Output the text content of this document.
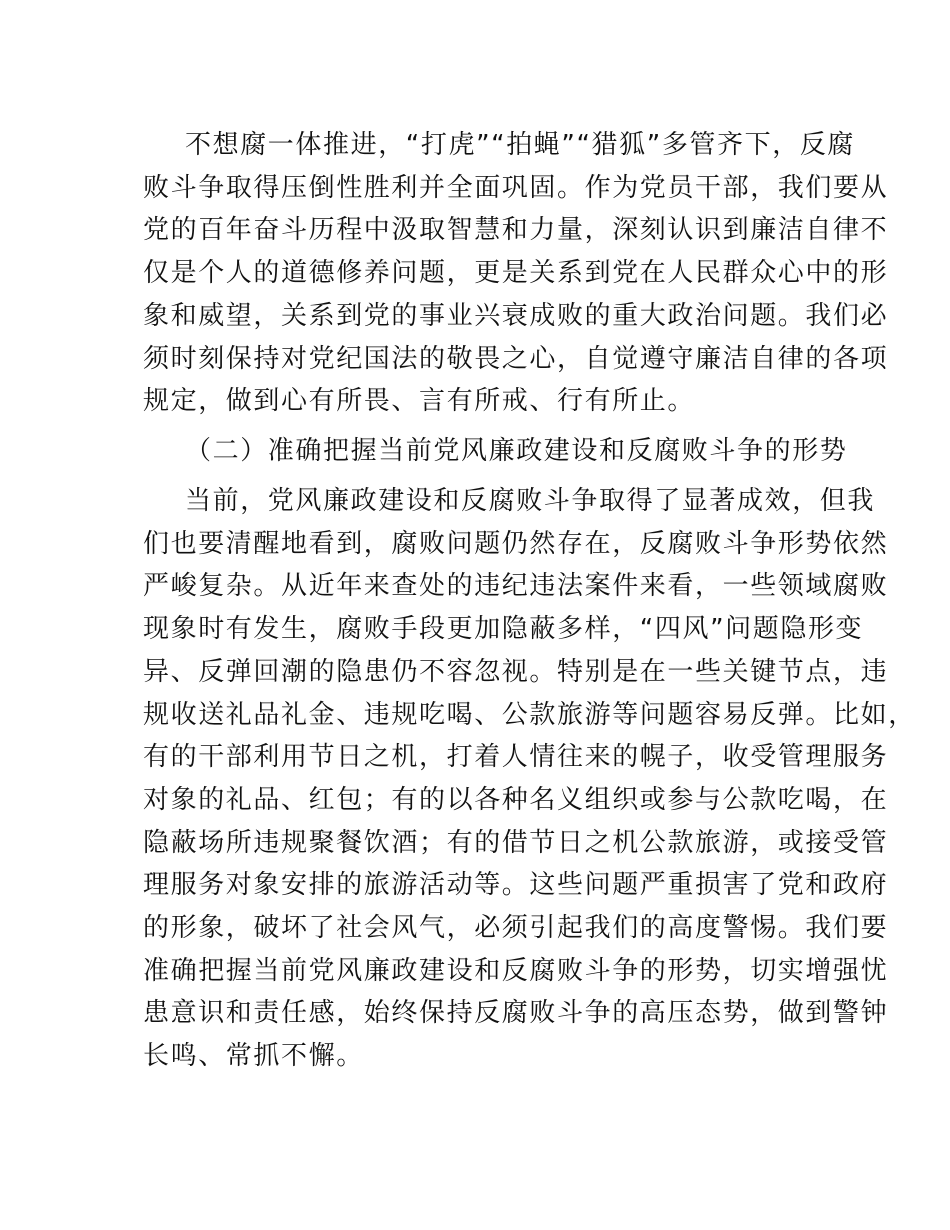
不想腐一体推进，“打虎”“拍蝇”“猎狐”多管齐下，反腐
败斗争取得压倒性胜利并全面巩固。作为党员干部，我们要从
党的百年奋斗历程中汲取智慧和力量，深刻认识到廉洁自律不
仅是个人的道德修养问题，更是关系到党在人民群众心中的形
象和威望，关系到党的事业兴衰成败的重大政治问题。我们必
须时刻保持对党纪国法的敬畏之心，自觉遵守廉洁自律的各项
规定，做到心有所畏、言有所戒、行有所止。
（二）准确把握当前党风廉政建设和反腐败斗争的形势
当前，党风廉政建设和反腐败斗争取得了显著成效，但我
们也要清醒地看到，腐败问题仍然存在，反腐败斗争形势依然
严峻复杂。从近年来查处的违纪违法案件来看，一些领域腐败
现象时有发生，腐败手段更加隐蔽多样，“四风”问题隐形变
异、反弹回潮的隐患仍不容忽视。特别是在一些关键节点，违
规收送礼品礼金、违规吃喝、公款旅游等问题容易反弹。比如，
有的干部利用节日之机，打着人情往来的幌子，收受管理服务
对象的礼品、红包；有的以各种名义组织或参与公款吃喝，在
隐蔽场所违规聚餐饮酒；有的借节日之机公款旅游，或接受管
理服务对象安排的旅游活动等。这些问题严重损害了党和政府
的形象，破坏了社会风气，必须引起我们的高度警惕。我们要
准确把握当前党风廉政建设和反腐败斗争的形势，切实增强忧
患意识和责任感，始终保持反腐败斗争的高压态势，做到警钟
长鸣、常抓不懈。
